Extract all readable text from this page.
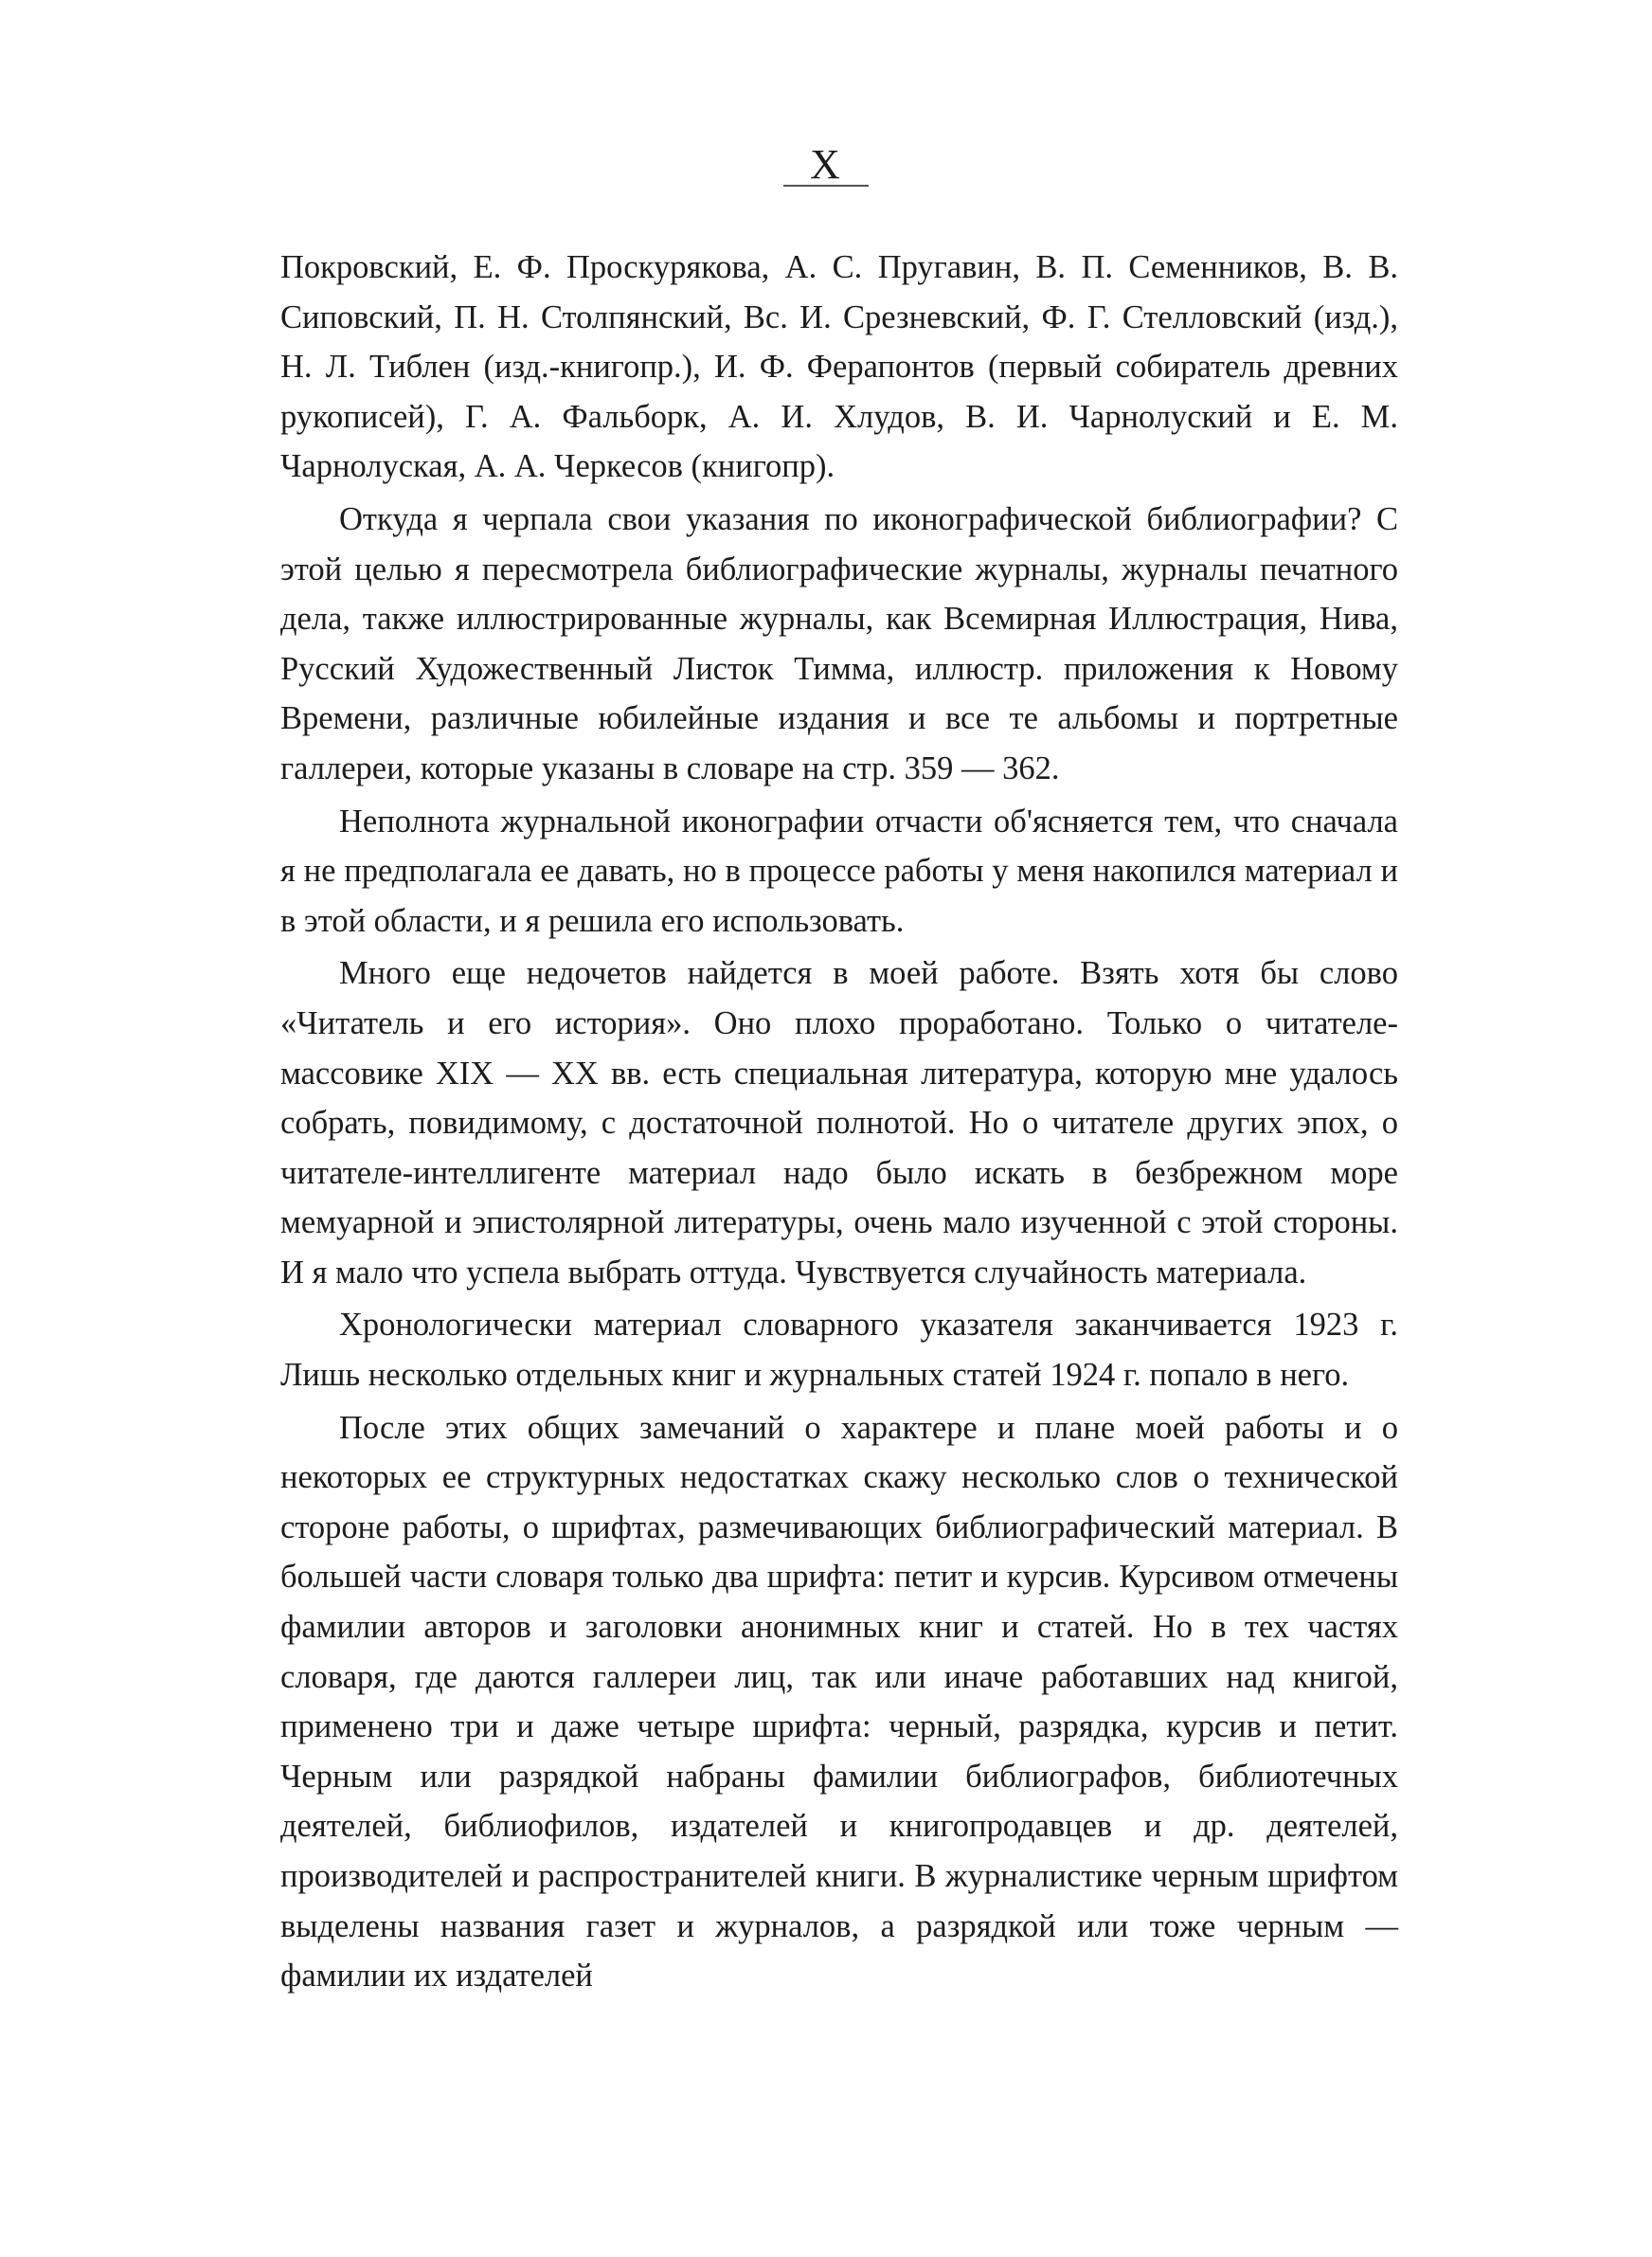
X

Покровский, Е. Ф. Проскурякова, А. С. Пругавин, В. П. Семенников, В. В. Сиповский, П. Н. Столпянский, Вс. И. Срезневский, Ф. Г. Стелловский (изд.), Н. Л. Тиблен (изд.-книгопр.), И. Ф. Ферапонтов (первый собиратель древних рукописей), Г. А. Фальборк, А. И. Хлудов, В. И. Чарнолуский и Е. М. Чарнолуская, А. А. Черкесов (книгопр).

Откуда я черпала свои указания по иконографической библиографии? С этой целью я пересмотрела библиографические журналы, журналы печатного дела, также иллюстрированные журналы, как Всемирная Иллюстрация, Нива, Русский Художественный Листок Тимма, иллюстр. приложения к Новому Времени, различные юбилейные издания и все те альбомы и портретные галлереи, которые указаны в словаре на стр. 359 — 362.

Неполнота журнальной иконографии отчасти об'ясняется тем, что сначала я не предполагала ее давать, но в процессе работы у меня накопился материал и в этой области, и я решила его использовать.

Много еще недочетов найдется в моей работе. Взять хотя бы слово «Читатель и его история». Оно плохо проработано. Только о читателе-массовике XIX — XX вв. есть специальная литература, которую мне удалось собрать, повидимому, с достаточной полнотой. Но о читателе других эпох, о читателе-интеллигенте материал надо было искать в безбрежном море мемуарной и эпистолярной литературы, очень мало изученной с этой стороны. И я мало что успела выбрать оттуда. Чувствуется случайность материала.

Хронологически материал словарного указателя заканчивается 1923 г. Лишь несколько отдельных книг и журнальных статей 1924 г. попало в него.

После этих общих замечаний о характере и плане моей работы и о некоторых ее структурных недостатках скажу несколько слов о технической стороне работы, о шрифтах, размечивающих библиографический материал. В большей части словаря только два шрифта: петит и курсив. Курсивом отмечены фамилии авторов и заголовки анонимных книг и статей. Но в тех частях словаря, где даются галлереи лиц, так или иначе работавших над книгой, применено три и даже четыре шрифта: черный, разрядка, курсив и петит. Черным или разрядкой набраны фамилии библиографов, библиотечных деятелей, библиофилов, издателей и книгопродавцев и др. деятелей, производителей и распространителей книги. В журналистике черным шрифтом выделены названия газет и журналов, а разрядкой или тоже черным — фамилии их издателей
